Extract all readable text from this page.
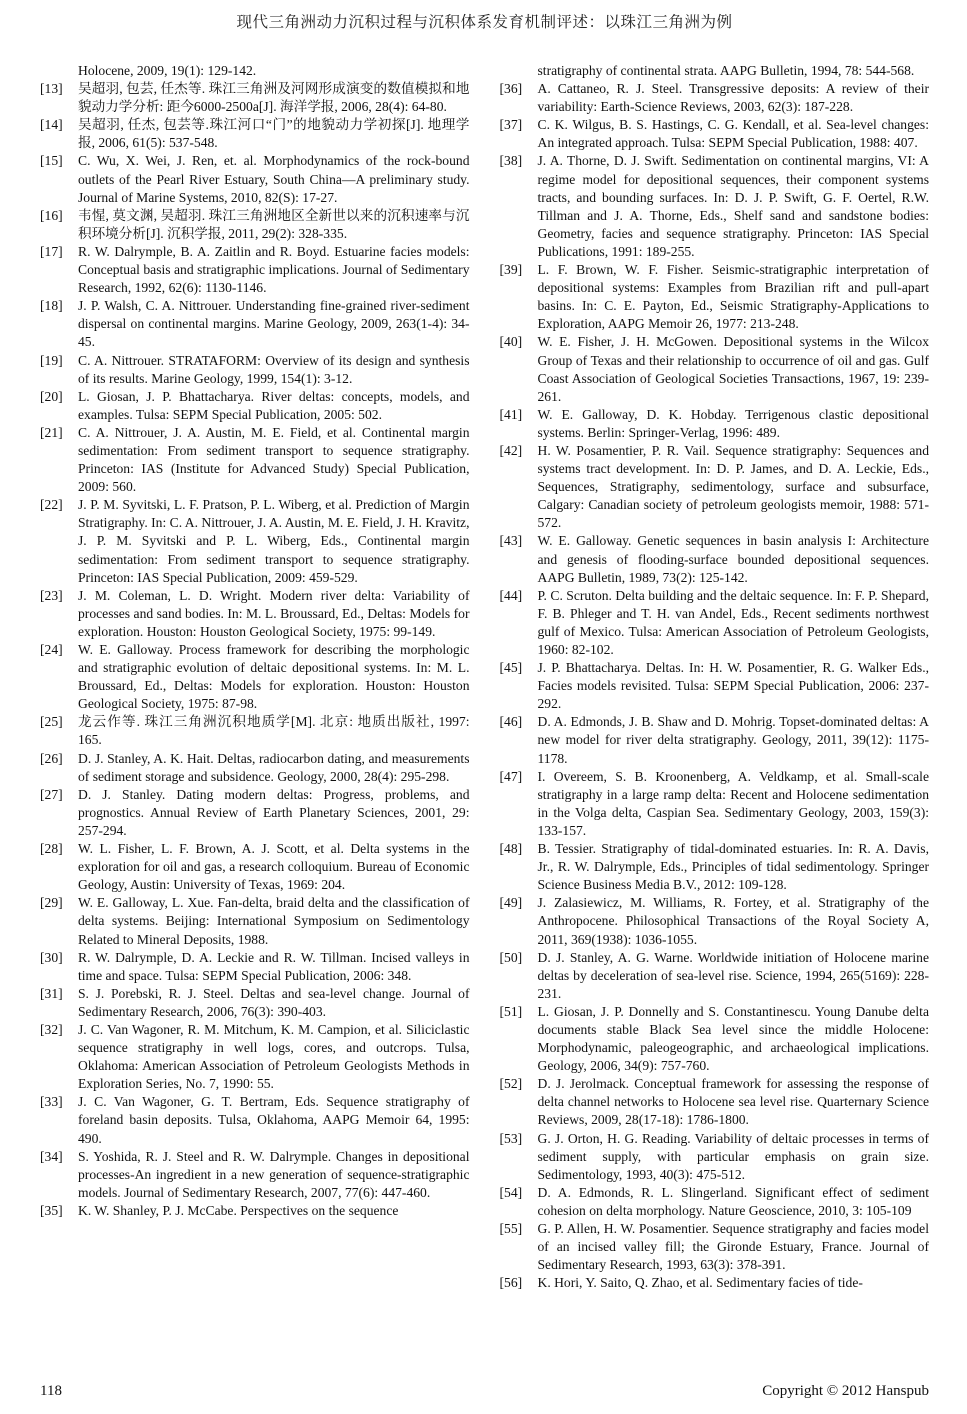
现代三角洲动力沉积过程与沉积体系发育机制评述：以珠江三角洲为例
Holocene, 2009, 19(1): 129-142.
[13]	吴超羽, 包芸, 任杰等. 珠江三角洲及河网形成演变的数值模拟和地貌动力学分析: 距今6000-2500a[J]. 海洋学报, 2006, 28(4): 64-80.
[14]	吴超羽, 任杰, 包芸等.珠江河口“门”的地貌动力学初探[J]. 地理学报, 2006, 61(5): 537-548.
[15]	C. Wu, X. Wei, J. Ren, et. al. Morphodynamics of the rock-bound outlets of the Pearl River Estuary, South China—A preliminary study. Journal of Marine Systems, 2010, 82(S): 17-27.
[16]	韦惺, 莫文渊, 吴超羽. 珠江三角洲地区全新世以来的沉积速率与沉积环境分析[J]. 沉积学报, 2011, 29(2): 328-335.
[17]	R. W. Dalrymple, B. A. Zaitlin and R. Boyd. Estuarine facies models: Conceptual basis and stratigraphic implications. Journal of Sedimentary Research, 1992, 62(6): 1130-1146.
[18]	J. P. Walsh, C. A. Nittrouer. Understanding fine-grained river-sediment dispersal on continental margins. Marine Geology, 2009, 263(1-4): 34-45.
[19]	C. A. Nittrouer. STRATAFORM: Overview of its design and synthesis of its results. Marine Geology, 1999, 154(1): 3-12.
[20]	L. Giosan, J. P. Bhattacharya. River deltas: concepts, models, and examples. Tulsa: SEPM Special Publication, 2005: 502.
[21]	C. A. Nittrouer, J. A. Austin, M. E. Field, et al. Continental margin sedimentation: From sediment transport to sequence stratigraphy. Princeton: IAS (Institute for Advanced Study) Special Publication, 2009: 560.
[22]	J. P. M. Syvitski, L. F. Pratson, P. L. Wiberg, et al. Prediction of Margin Stratigraphy. In: C. A. Nittrouer, J. A. Austin, M. E. Field, J. H. Kravitz, J. P. M. Syvitski and P. L. Wiberg, Eds., Continental margin sedimentation: From sediment transport to sequence stratigraphy. Princeton: IAS Special Publication, 2009: 459-529.
[23]	J. M. Coleman, L. D. Wright. Modern river delta: Variability of processes and sand bodies. In: M. L. Broussard, Ed., Deltas: Models for exploration. Houston: Houston Geological Society, 1975: 99-149.
[24]	W. E. Galloway. Process framework for describing the morphologic and stratigraphic evolution of deltaic depositional systems. In: M. L. Broussard, Ed., Deltas: Models for exploration. Houston: Houston Geological Society, 1975: 87-98.
[25]	龙云作等. 珠江三角洲沉积地质学[M]. 北京: 地质出版社, 1997: 165.
[26]	D. J. Stanley, A. K. Hait. Deltas, radiocarbon dating, and measurements of sediment storage and subsidence. Geology, 2000, 28(4): 295-298.
[27]	D. J. Stanley. Dating modern deltas: Progress, problems, and prognostics. Annual Review of Earth Planetary Sciences, 2001, 29: 257-294.
[28]	W. L. Fisher, L. F. Brown, A. J. Scott, et al. Delta systems in the exploration for oil and gas, a research colloquium. Bureau of Economic Geology, Austin: University of Texas, 1969: 204.
[29]	W. E. Galloway, L. Xue. Fan-delta, braid delta and the classification of delta systems. Beijing: International Symposium on Sedimentology Related to Mineral Deposits, 1988.
[30]	R. W. Dalrymple, D. A. Leckie and R. W. Tillman. Incised valleys in time and space. Tulsa: SEPM Special Publication, 2006: 348.
[31]	S. J. Porebski, R. J. Steel. Deltas and sea-level change. Journal of Sedimentary Research, 2006, 76(3): 390-403.
[32]	J. C. Van Wagoner, R. M. Mitchum, K. M. Campion, et al. Siliciclastic sequence stratigraphy in well logs, cores, and outcrops. Tulsa, Oklahoma: American Association of Petroleum Geologists Methods in Exploration Series, No. 7, 1990: 55.
[33]	J. C. Van Wagoner, G. T. Bertram, Eds. Sequence stratigraphy of foreland basin deposits. Tulsa, Oklahoma, AAPG Memoir 64, 1995: 490.
[34]	S. Yoshida, R. J. Steel and R. W. Dalrymple. Changes in depositional processes-An ingredient in a new generation of sequence-stratigraphic models. Journal of Sedimentary Research, 2007, 77(6): 447-460.
[35]	K. W. Shanley, P. J. McCabe. Perspectives on the sequence
stratigraphy of continental strata. AAPG Bulletin, 1994, 78: 544-568.
[36]	A. Cattaneo, R. J. Steel. Transgressive deposits: A review of their variability: Earth-Science Reviews, 2003, 62(3): 187-228.
[37]	C. K. Wilgus, B. S. Hastings, C. G. Kendall, et al. Sea-level changes: An integrated approach. Tulsa: SEPM Special Publication, 1988: 407.
[38]	J. A. Thorne, D. J. Swift. Sedimentation on continental margins, VI: A regime model for depositional sequences, their component systems tracts, and bounding surfaces. In: D. J. P. Swift, G. F. Oertel, R.W. Tillman and J. A. Thorne, Eds., Shelf sand and sandstone bodies: Geometry, facies and sequence stratigraphy. Princeton: IAS Special Publications, 1991: 189-255.
[39]	L. F. Brown, W. F. Fisher. Seismic-stratigraphic interpretation of depositional systems: Examples from Brazilian rift and pull-apart basins. In: C. E. Payton, Ed., Seismic Stratigraphy-Applications to Exploration, AAPG Memoir 26, 1977: 213-248.
[40]	W. E. Fisher, J. H. McGowen. Depositional systems in the Wilcox Group of Texas and their relationship to occurrence of oil and gas. Gulf Coast Association of Geological Societies Transactions, 1967, 19: 239-261.
[41]	W. E. Galloway, D. K. Hobday. Terrigenous clastic depositional systems. Berlin: Springer-Verlag, 1996: 489.
[42]	H. W. Posamentier, P. R. Vail. Sequence stratigraphy: Sequences and systems tract development. In: D. P. James, and D. A. Leckie, Eds., Sequences, Stratigraphy, sedimentology, surface and subsurface, Calgary: Canadian society of petroleum geologists memoir, 1988: 571-572.
[43]	W. E. Galloway. Genetic sequences in basin analysis I: Architecture and genesis of flooding-surface bounded depositional sequences. AAPG Bulletin, 1989, 73(2): 125-142.
[44]	P. C. Scruton. Delta building and the deltaic sequence. In: F. P. Shepard, F. B. Phleger and T. H. van Andel, Eds., Recent sediments northwest gulf of Mexico. Tulsa: American Association of Petroleum Geologists, 1960: 82-102.
[45]	J. P. Bhattacharya. Deltas. In: H. W. Posamentier, R. G. Walker Eds., Facies models revisited. Tulsa: SEPM Special Publication, 2006: 237-292.
[46]	D. A. Edmonds, J. B. Shaw and D. Mohrig. Topset-dominated deltas: A new model for river delta stratigraphy. Geology, 2011, 39(12): 1175-1178.
[47]	I. Overeem, S. B. Kroonenberg, A. Veldkamp, et al. Small-scale stratigraphy in a large ramp delta: Recent and Holocene sedimentation in the Volga delta, Caspian Sea. Sedimentary Geology, 2003, 159(3): 133-157.
[48]	B. Tessier. Stratigraphy of tidal-dominated estuaries. In: R. A. Davis, Jr., R. W. Dalrymple, Eds., Principles of tidal sedimentology. Springer Science Business Media B.V., 2012: 109-128.
[49]	J. Zalasiewicz, M. Williams, R. Fortey, et al. Stratigraphy of the Anthropocene. Philosophical Transactions of the Royal Society A, 2011, 369(1938): 1036-1055.
[50]	D. J. Stanley, A. G. Warne. Worldwide initiation of Holocene marine deltas by deceleration of sea-level rise. Science, 1994, 265(5169): 228-231.
[51]	L. Giosan, J. P. Donnelly and S. Constantinescu. Young Danube delta documents stable Black Sea level since the middle Holocene: Morphodynamic, paleogeographic, and archaeological implications. Geology, 2006, 34(9): 757-760.
[52]	D. J. Jerolmack. Conceptual framework for assessing the response of delta channel networks to Holocene sea level rise. Quarternary Science Reviews, 2009, 28(17-18): 1786-1800.
[53]	G. J. Orton, H. G. Reading. Variability of deltaic processes in terms of sediment supply, with particular emphasis on grain size. Sedimentology, 1993, 40(3): 475-512.
[54]	D. A. Edmonds, R. L. Slingerland. Significant effect of sediment cohesion on delta morphology. Nature Geoscience, 2010, 3: 105-109
[55]	G. P. Allen, H. W. Posamentier. Sequence stratigraphy and facies model of an incised valley fill; the Gironde Estuary, France. Journal of Sedimentary Research, 1993, 63(3): 378-391.
[56]	K. Hori, Y. Saito, Q. Zhao, et al. Sedimentary facies of tide-
118	Copyright © 2012 Hanspub
